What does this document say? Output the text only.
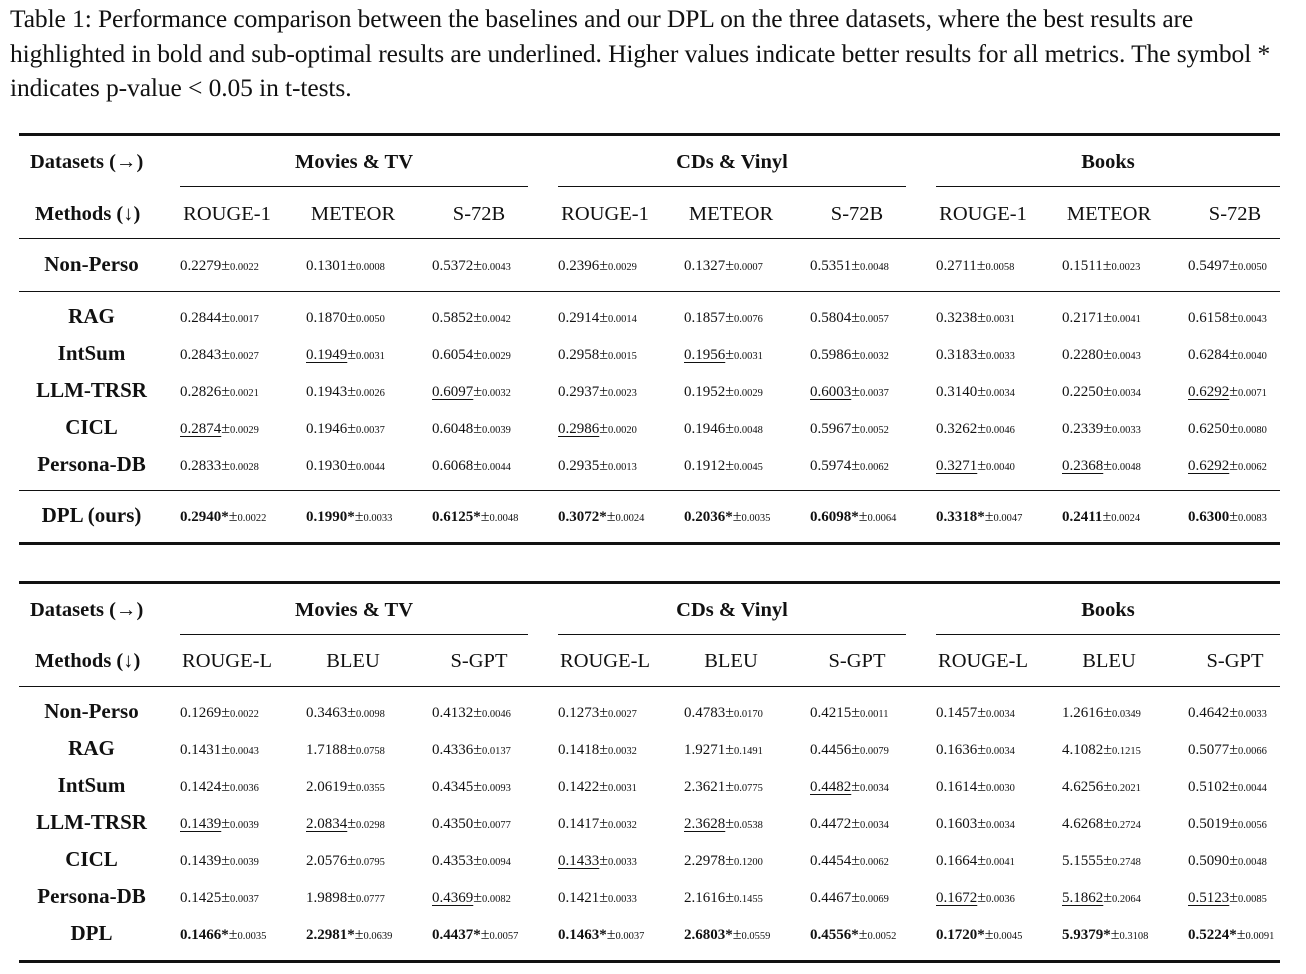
Table 1: Performance comparison between the baselines and our DPL on the three datasets, where the best results are highlighted in bold and sub-optimal results are underlined. Higher values indicate better results for all metrics. The symbol * indicates p-value < 0.05 in t-tests.
Datasets (→)	Movies & TV	CDs & Vinyl	Books
Methods (↓)	ROUGE-1	METEOR	S-72B	ROUGE-1	METEOR	S-72B	ROUGE-1	METEOR	S-72B
Non-Perso	0.2279±0.0022	0.1301±0.0008	0.5372±0.0043	0.2396±0.0029	0.1327±0.0007	0.5351±0.0048	0.2711±0.0058	0.1511±0.0023	0.5497±0.0050
RAG	0.2844±0.0017	0.1870±0.0050	0.5852±0.0042	0.2914±0.0014	0.1857±0.0076	0.5804±0.0057	0.3238±0.0031	0.2171±0.0041	0.6158±0.0043
IntSum	0.2843±0.0027	0.1949±0.0031	0.6054±0.0029	0.2958±0.0015	0.1956±0.0031	0.5986±0.0032	0.3183±0.0033	0.2280±0.0043	0.6284±0.0040
LLM-TRSR	0.2826±0.0021	0.1943±0.0026	0.6097±0.0032	0.2937±0.0023	0.1952±0.0029	0.6003±0.0037	0.3140±0.0034	0.2250±0.0034	0.6292±0.0071
CICL	0.2874±0.0029	0.1946±0.0037	0.6048±0.0039	0.2986±0.0020	0.1946±0.0048	0.5967±0.0052	0.3262±0.0046	0.2339±0.0033	0.6250±0.0080
Persona-DB	0.2833±0.0028	0.1930±0.0044	0.6068±0.0044	0.2935±0.0013	0.1912±0.0045	0.5974±0.0062	0.3271±0.0040	0.2368±0.0048	0.6292±0.0062
DPL (ours)	0.2940*±0.0022	0.1990*±0.0033	0.6125*±0.0048	0.3072*±0.0024	0.2036*±0.0035	0.6098*±0.0064	0.3318*±0.0047	0.2411±0.0024	0.6300±0.0083
Datasets (→)	Movies & TV	CDs & Vinyl	Books
Methods (↓)	ROUGE-L	BLEU	S-GPT	ROUGE-L	BLEU	S-GPT	ROUGE-L	BLEU	S-GPT
Non-Perso	0.1269±0.0022	0.3463±0.0098	0.4132±0.0046	0.1273±0.0027	0.4783±0.0170	0.4215±0.0011	0.1457±0.0034	1.2616±0.0349	0.4642±0.0033
RAG	0.1431±0.0043	1.7188±0.0758	0.4336±0.0137	0.1418±0.0032	1.9271±0.1491	0.4456±0.0079	0.1636±0.0034	4.1082±0.1215	0.5077±0.0066
IntSum	0.1424±0.0036	2.0619±0.0355	0.4345±0.0093	0.1422±0.0031	2.3621±0.0775	0.4482±0.0034	0.1614±0.0030	4.6256±0.2021	0.5102±0.0044
LLM-TRSR	0.1439±0.0039	2.0834±0.0298	0.4350±0.0077	0.1417±0.0032	2.3628±0.0538	0.4472±0.0034	0.1603±0.0034	4.6268±0.2724	0.5019±0.0056
CICL	0.1439±0.0039	2.0576±0.0795	0.4353±0.0094	0.1433±0.0033	2.2978±0.1200	0.4454±0.0062	0.1664±0.0041	5.1555±0.2748	0.5090±0.0048
Persona-DB	0.1425±0.0037	1.9898±0.0777	0.4369±0.0082	0.1421±0.0033	2.1616±0.1455	0.4467±0.0069	0.1672±0.0036	5.1862±0.2064	0.5123±0.0085
DPL	0.1466*±0.0035	2.2981*±0.0639	0.4437*±0.0057	0.1463*±0.0037	2.6803*±0.0559	0.4556*±0.0052	0.1720*±0.0045	5.9379*±0.3108	0.5224*±0.0091
